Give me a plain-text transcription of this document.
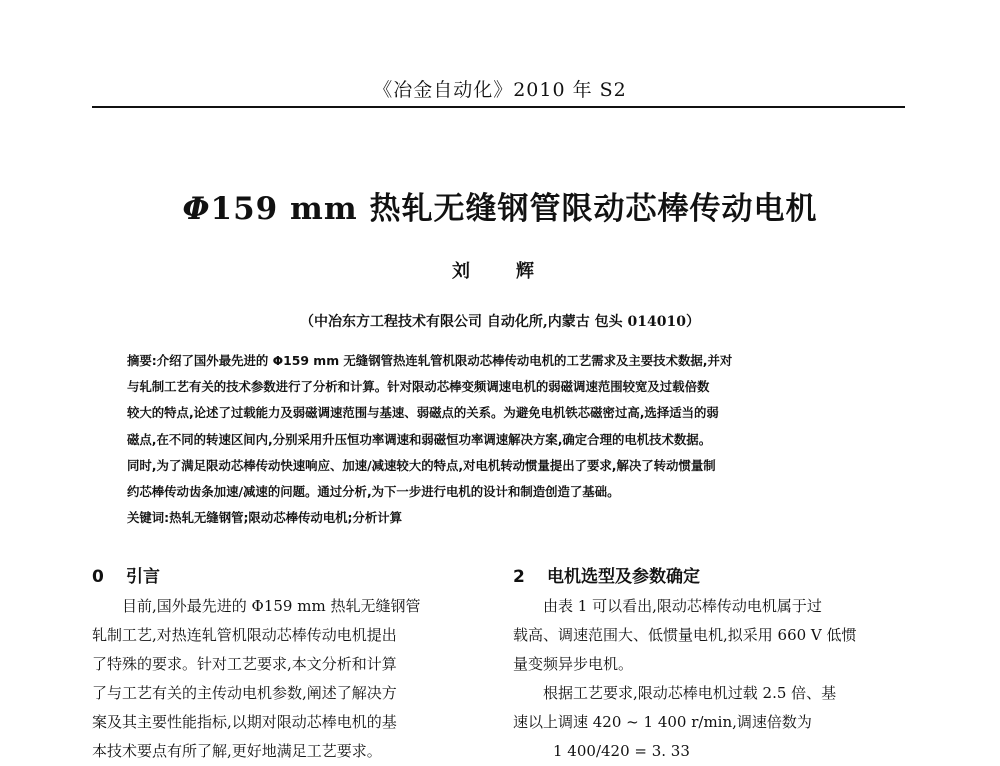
《冶金自动化》2010 年 S2
Φ159 mm 热轧无缝钢管限动芯棒传动电机
刘　辉
（中冶东方工程技术有限公司 自动化所,内蒙古 包头 014010）
摘要:介绍了国外最先进的 Φ159 mm 无缝钢管热连轧管机限动芯棒传动电机的工艺需求及主要技术数据,并对
与轧制工艺有关的技术参数进行了分析和计算。针对限动芯棒变频调速电机的弱磁调速范围较宽及过载倍数
较大的特点,论述了过载能力及弱磁调速范围与基速、弱磁点的关系。为避免电机铁芯磁密过高,选择适当的弱
磁点,在不同的转速区间内,分别采用升压恒功率调速和弱磁恒功率调速解决方案,确定合理的电机技术数据。
同时,为了满足限动芯棒传动快速响应、加速/减速较大的特点,对电机转动惯量提出了要求,解决了转动惯量制
约芯棒传动齿条加速/减速的问题。通过分析,为下一步进行电机的设计和制造创造了基础。
关键词:热轧无缝钢管;限动芯棒传动电机;分析计算
0 引言
　　目前,国外最先进的 Φ159 mm 热轧无缝钢管
轧制工艺,对热连轧管机限动芯棒传动电机提出
了特殊的要求。针对工艺要求,本文分析和计算
了与工艺有关的主传动电机参数,阐述了解决方
案及其主要性能指标,以期对限动芯棒电机的基
本技术要点有所了解,更好地满足工艺要求。
2 电机选型及参数确定
　　由表 1 可以看出,限动芯棒传动电机属于过
载高、调速范围大、低惯量电机,拟采用 660 V 低惯
量变频异步电机。
　　根据工艺要求,限动芯棒电机过载 2.5 倍、基
速以上调速 420 ~ 1 400 r/min,调速倍数为
1 400/420 = 3. 33
